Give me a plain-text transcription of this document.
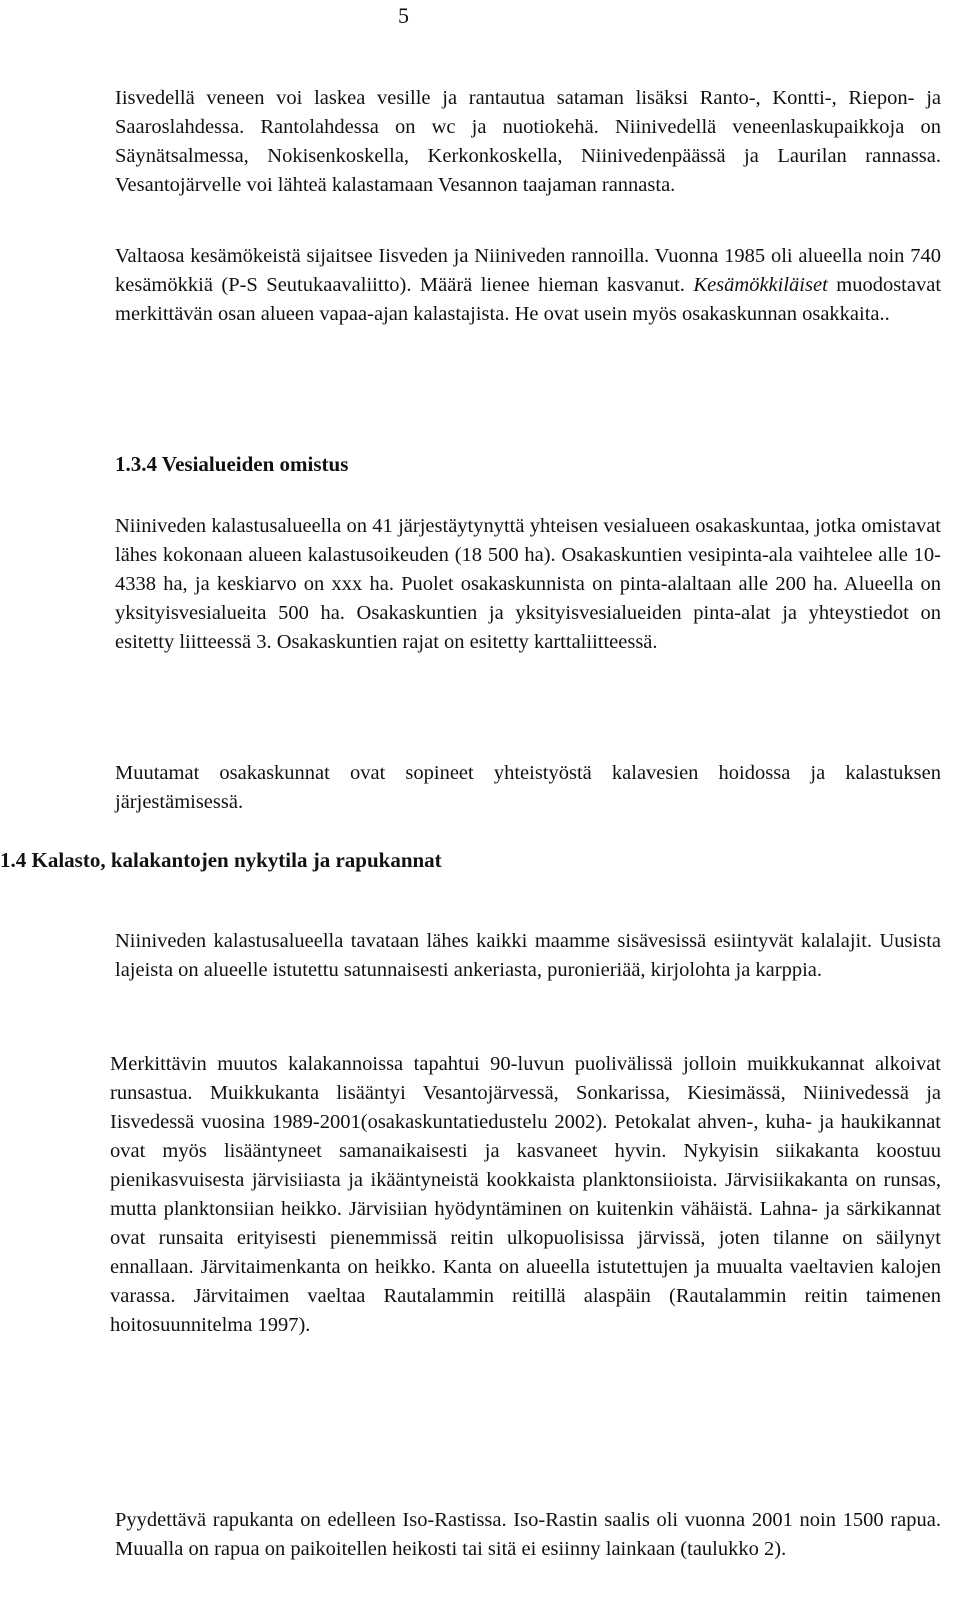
5

Iisvedellä veneen voi laskea vesille ja rantautua sataman lisäksi Ranto-, Kontti-, Riepon- ja Saaroslahdessa. Rantolahdessa on wc ja nuotiokehä. Niinivedellä veneenlaskupaikkoja on Säynätsalmessa, Nokisenkoskella, Kerkonkoskella, Niinivedenpäässä ja Laurilan rannassa. Vesantojärvelle voi lähteä kalastamaan Vesannon taajaman rannasta.

Valtaosa kesämökeistä sijaitsee Iisveden ja Niiniveden rannoilla. Vuonna 1985 oli alueella noin 740 kesämökkiä (P-S Seutukaavaliitto). Määrä lienee hieman kasvanut. Kesämökkiläiset muodostavat merkittävän osan alueen vapaa-ajan kalastajista. He ovat usein myös osakaskunnan osakkaita..

1.3.4 Vesialueiden omistus

Niiniveden kalastusalueella on 41 järjestäytynyttä yhteisen vesialueen osakaskuntaa, jotka omistavat lähes kokonaan alueen kalastusoikeuden (18 500 ha). Osakaskuntien vesipinta-ala vaihtelee alle 10-4338 ha, ja keskiarvo on xxx ha. Puolet osakaskunnista on pinta-alaltaan alle 200 ha. Alueella on yksityisvesialueita 500 ha. Osakaskuntien ja yksityisvesialueiden pinta-alat ja yhteystiedot on esitetty liitteessä 3. Osakaskuntien rajat on esitetty karttaliitteessä.

Muutamat osakaskunnat ovat sopineet yhteistyöstä kalavesien hoidossa ja kalastuksen järjestämisessä.

1.4 Kalasto, kalakantojen nykytila ja rapukannat

Niiniveden kalastusalueella tavataan lähes kaikki maamme sisävesissä esiintyvät kalalajit. Uusista lajeista on alueelle istutettu satunnaisesti ankeriasta, puronieriää, kirjolohta ja karppia.

Merkittävin muutos kalakannoissa tapahtui 90-luvun puolivälissä jolloin muikkukannat alkoivat runsastua. Muikkukanta lisääntyi Vesantojärvessä, Sonkarissa, Kiesimässä, Niinivedessä ja Iisvedessä vuosina 1989-2001(osakaskuntatiedustelu 2002). Petokalat ahven-, kuha- ja haukikannat ovat myös lisääntyneet samanaikaisesti ja kasvaneet hyvin. Nykyisin siikakanta koostuu pienikasvuisesta järvisiiasta ja ikääntyneistä kookkaista planktonsiioista. Järvisiikakanta on runsas, mutta planktonsiian heikko. Järvisiian hyödyntäminen on kuitenkin vähäistä. Lahna- ja särkikannat ovat runsaita erityisesti pienemmissä reitin ulkopuolisissa järvissä, joten tilanne on säilynyt ennallaan. Järvitaimenkanta on heikko. Kanta on alueella istutettujen ja muualta vaeltavien kalojen varassa. Järvitaimen vaeltaa Rautalammin reitillä alaspäin (Rautalammin reitin taimenen hoitosuunnitelma 1997).

Pyydettävä rapukanta on edelleen Iso-Rastissa. Iso-Rastin saalis oli vuonna 2001 noin 1500 rapua. Muualla on rapua on paikoitellen heikosti tai sitä ei esiinny lainkaan (taulukko 2).
